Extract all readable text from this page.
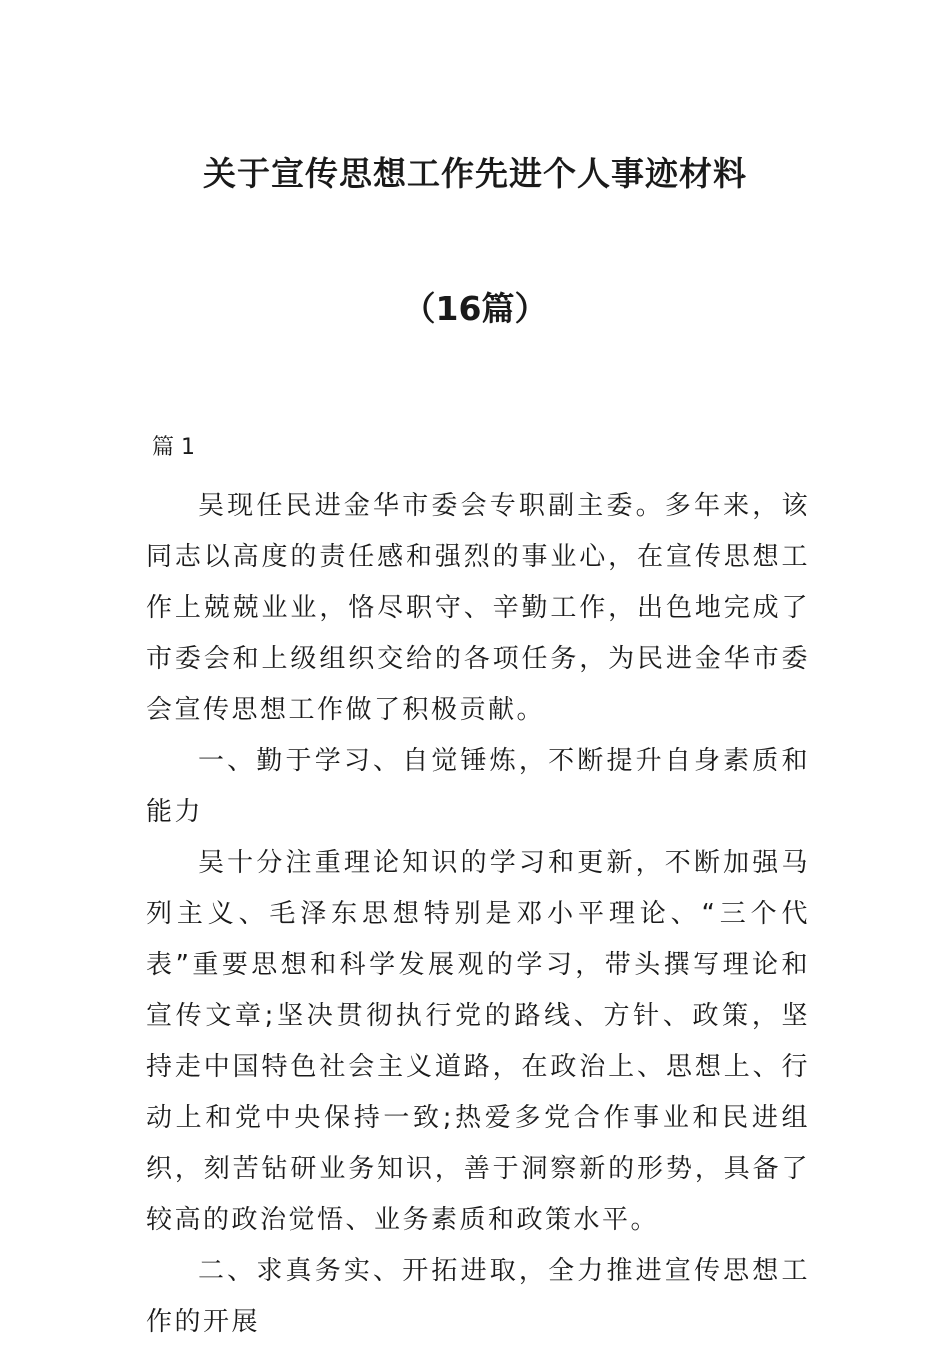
关于宣传思想工作先进个人事迹材料
（16篇）
篇 1

吴现任民进金华市委会专职副主委。多年来，该同志以高度的责任感和强烈的事业心，在宣传思想工作上兢兢业业，恪尽职守、辛勤工作，出色地完成了市委会和上级组织交给的各项任务，为民进金华市委会宣传思想工作做了积极贡献。

一、勤于学习、自觉锤炼，不断提升自身素质和能力

吴十分注重理论知识的学习和更新，不断加强马列主义、毛泽东思想特别是邓小平理论、“三个代表”重要思想和科学发展观的学习，带头撰写理论和宣传文章;坚决贯彻执行党的路线、方针、政策，坚持走中国特色社会主义道路，在政治上、思想上、行动上和党中央保持一致;热爱多党合作事业和民进组织，刻苦钻研业务知识，善于洞察新的形势，具备了较高的政治觉悟、业务素质和政策水平。

二、求真务实、开拓进取，全力推进宣传思想工作的开展
